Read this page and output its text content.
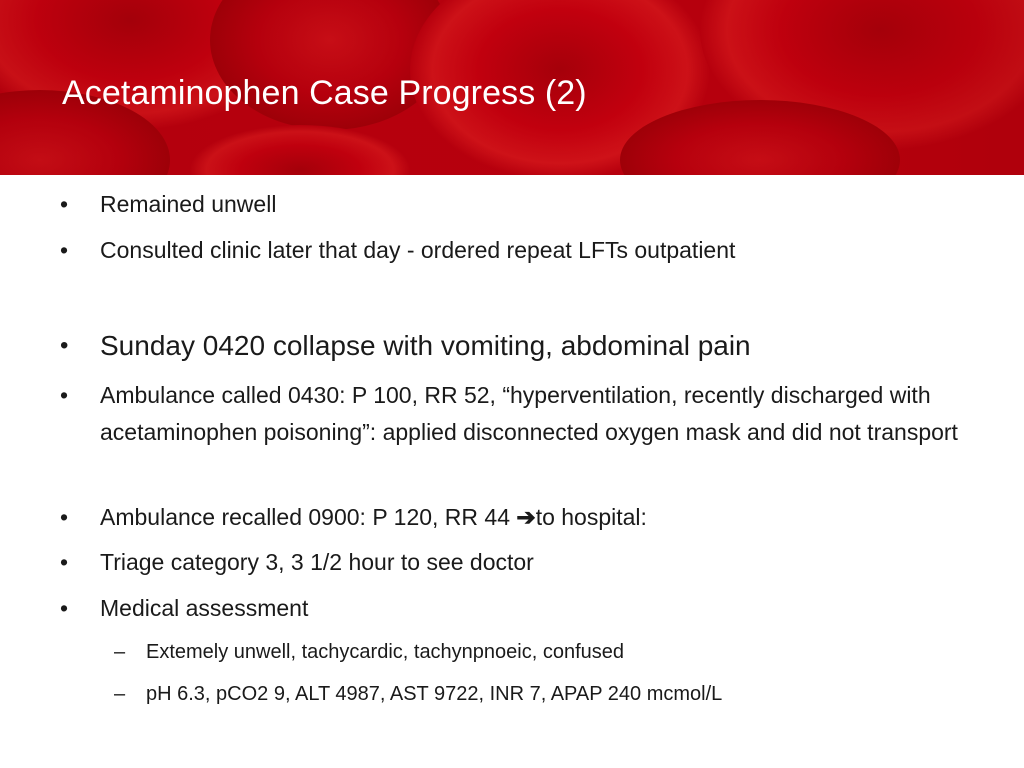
Acetaminophen Case Progress (2)
• Remained unwell
• Consulted clinic later that day - ordered repeat LFTs outpatient
• Sunday 0420 collapse with vomiting, abdominal pain
• Ambulance called 0430: P 100, RR 52, “hyperventilation, recently discharged with acetaminophen poisoning”: applied disconnected oxygen mask and did not transport
• Ambulance recalled 0900: P 120, RR 44 ➔to hospital:
• Triage category 3, 3 1/2 hour to see doctor
• Medical assessment
– Extemely unwell, tachycardic, tachynpnoeic, confused
– pH 6.3, pCO2 9, ALT 4987, AST 9722, INR 7, APAP 240 mcmol/L
